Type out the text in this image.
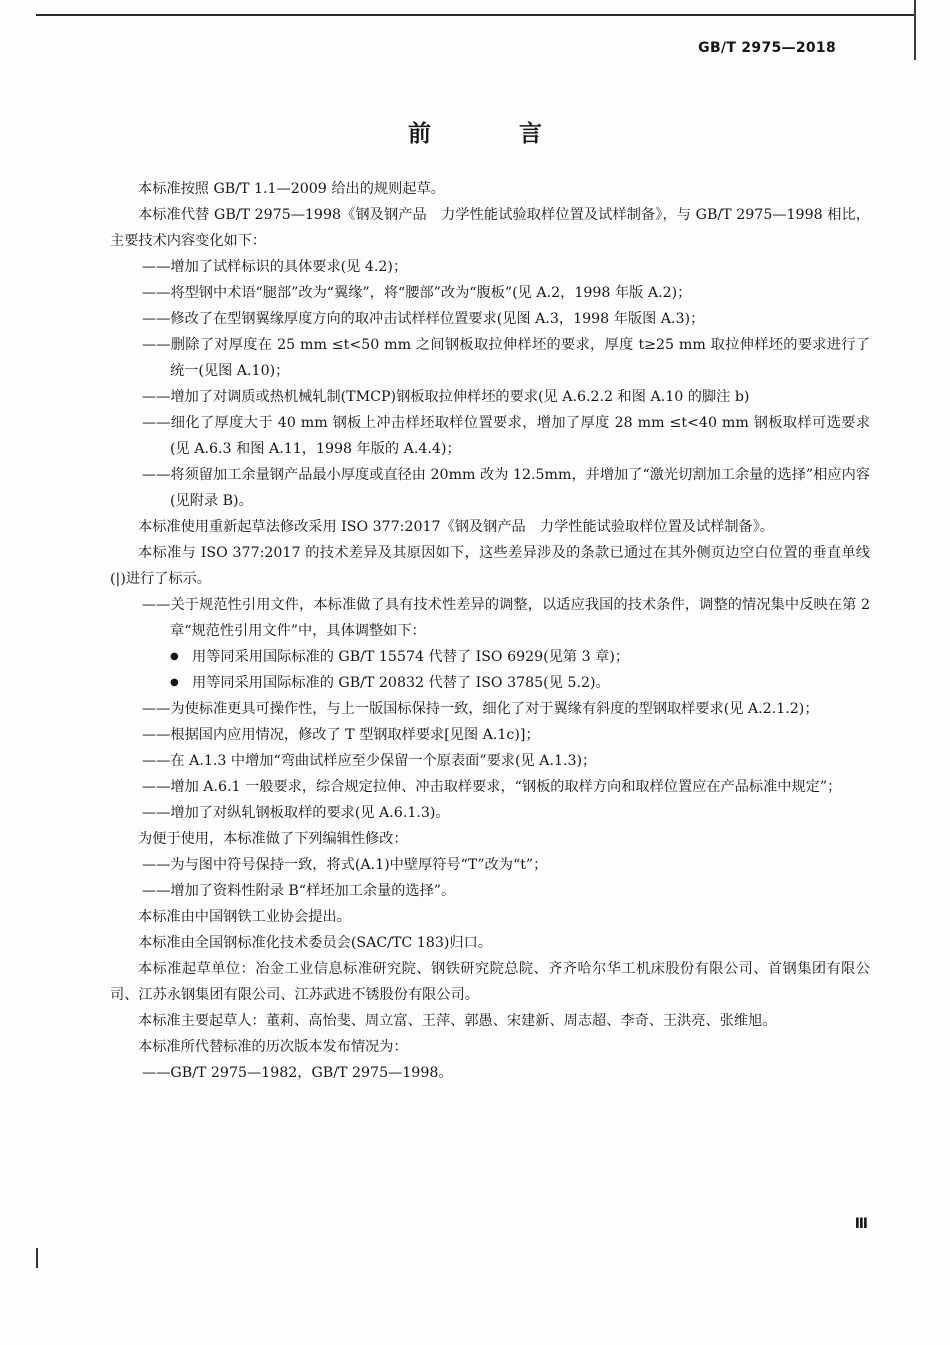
GB/T 2975—2018
前 言

本标准按照 GB/T 1.1—2009 给出的规则起草。

本标准代替 GB/T 2975—1998《钢及钢产品　力学性能试验取样位置及试样制备》，与 GB/T 2975—1998 相比，主要技术内容变化如下：

——增加了试样标识的具体要求(见 4.2)；

——将型钢中术语“腿部”改为“翼缘”，将“腰部”改为“腹板”(见 A.2，1998 年版 A.2)；

——修改了在型钢翼缘厚度方向的取冲击试样样位置要求(见图 A.3，1998 年版图 A.3)；

——删除了对厚度在 25 mm ≤t<50 mm 之间钢板取拉伸样坯的要求，厚度 t≥25 mm 取拉伸样坯的要求进行了统一(见图 A.10)；

——增加了对调质或热机械轧制(TMCP)钢板取拉伸样坯的要求(见 A.6.2.2 和图 A.10 的脚注 b)

——细化了厚度大于 40 mm 钢板上冲击样坯取样位置要求，增加了厚度 28 mm ≤t<40 mm 钢板取样可选要求(见 A.6.3 和图 A.11，1998 年版的 A.4.4)；

——将须留加工余量钢产品最小厚度或直径由 20mm 改为 12.5mm，并增加了“激光切割加工余量的选择”相应内容(见附录 B)。

本标准使用重新起草法修改采用 ISO 377:2017《钢及钢产品　力学性能试验取样位置及试样制备》。

本标准与 ISO 377:2017 的技术差异及其原因如下，这些差异涉及的条款已通过在其外侧页边空白位置的垂直单线(|)进行了标示。

——关于规范性引用文件，本标准做了具有技术性差异的调整，以适应我国的技术条件，调整的情况集中反映在第 2 章“规范性引用文件”中，具体调整如下：

● 用等同采用国际标准的 GB/T 15574 代替了 ISO 6929(见第 3 章)；

● 用等同采用国际标准的 GB/T 20832 代替了 ISO 3785(见 5.2)。

——为使标准更具可操作性，与上一版国标保持一致，细化了对于翼缘有斜度的型钢取样要求(见 A.2.1.2)；

——根据国内应用情况，修改了 T 型钢取样要求[见图 A.1c)]；

——在 A.1.3 中增加“弯曲试样应至少保留一个原表面”要求(见 A.1.3)；

——增加 A.6.1 一般要求，综合规定拉伸、冲击取样要求，“钢板的取样方向和取样位置应在产品标准中规定”；

——增加了对纵轧钢板取样的要求(见 A.6.1.3)。

为便于使用，本标准做了下列编辑性修改：

——为与图中符号保持一致，将式(A.1)中壁厚符号“T”改为“t”；

——增加了资料性附录 B“样坯加工余量的选择”。

本标准由中国钢铁工业协会提出。

本标准由全国钢标准化技术委员会(SAC/TC 183)归口。

本标准起草单位：冶金工业信息标准研究院、钢铁研究院总院、齐齐哈尔华工机床股份有限公司、首钢集团有限公司、江苏永钢集团有限公司、江苏武进不锈股份有限公司。

本标准主要起草人：董莉、高怡斐、周立富、王萍、郭愚、宋建新、周志超、李奇、王洪亮、张维旭。

本标准所代替标准的历次版本发布情况为：

——GB/T 2975—1982，GB/T 2975—1998。

Ⅲ
